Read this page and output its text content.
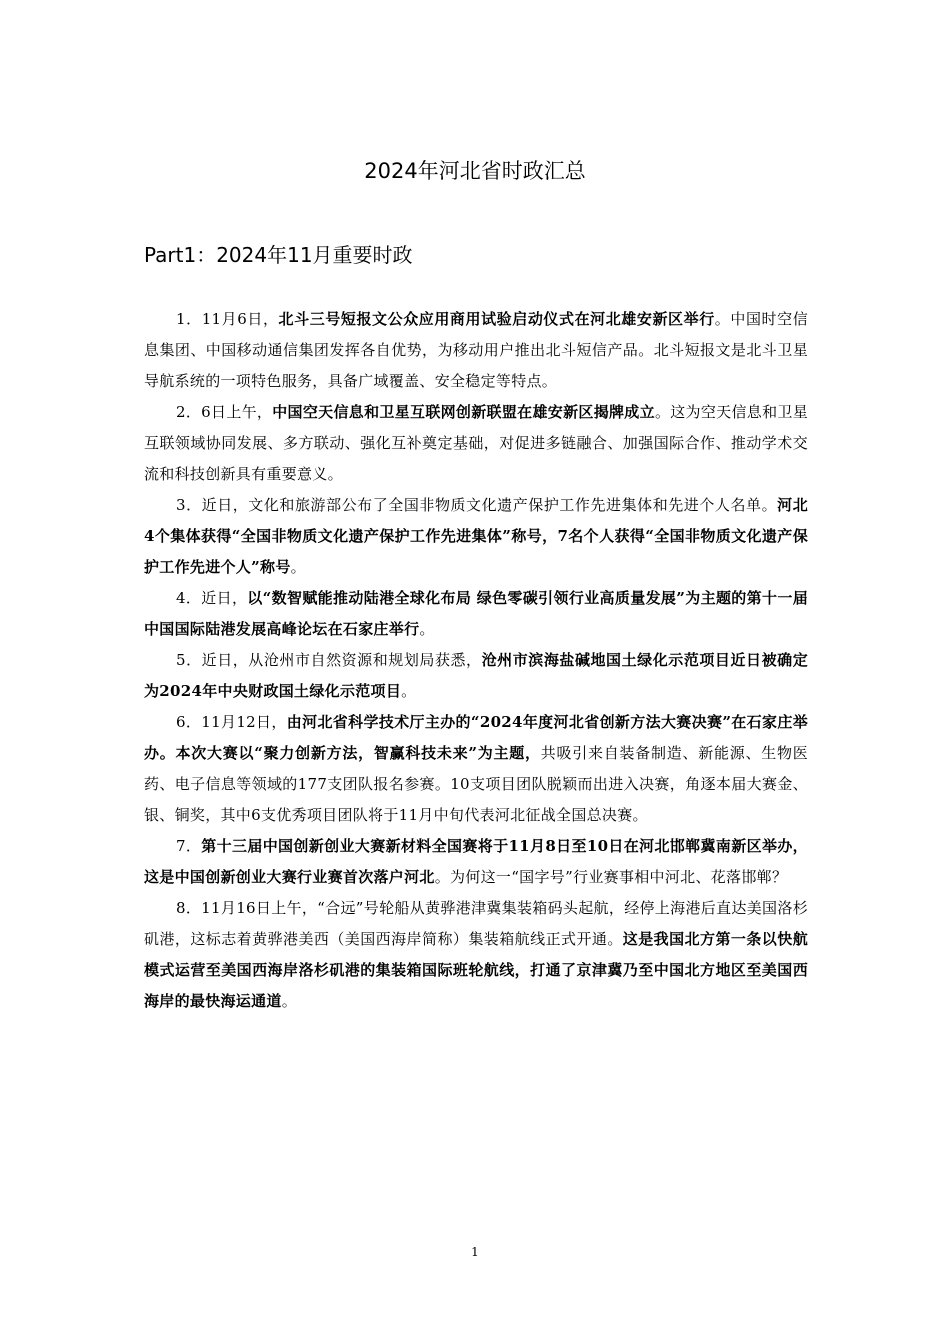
2024年河北省时政汇总
Part1：2024年11月重要时政

1．11月6日，北斗三号短报文公众应用商用试验启动仪式在河北雄安新区举行。中国时空信息集团、中国移动通信集团发挥各自优势，为移动用户推出北斗短信产品。北斗短报文是北斗卫星导航系统的一项特色服务，具备广域覆盖、安全稳定等特点。

2．6日上午，中国空天信息和卫星互联网创新联盟在雄安新区揭牌成立。这为空天信息和卫星互联领域协同发展、多方联动、强化互补奠定基础，对促进多链融合、加强国际合作、推动学术交流和科技创新具有重要意义。

3．近日，文化和旅游部公布了全国非物质文化遗产保护工作先进集体和先进个人名单。河北4个集体获得“全国非物质文化遗产保护工作先进集体”称号，7名个人获得“全国非物质文化遗产保护工作先进个人”称号。

4．近日，以“数智赋能推动陆港全球化布局 绿色零碳引领行业高质量发展”为主题的第十一届中国国际陆港发展高峰论坛在石家庄举行。

5．近日，从沧州市自然资源和规划局获悉，沧州市滨海盐碱地国土绿化示范项目近日被确定为2024年中央财政国土绿化示范项目。

6．11月12日，由河北省科学技术厅主办的“2024年度河北省创新方法大赛决赛”在石家庄举办。本次大赛以“聚力创新方法，智赢科技未来”为主题，共吸引来自装备制造、新能源、生物医药、电子信息等领域的177支团队报名参赛。10支项目团队脱颖而出进入决赛，角逐本届大赛金、银、铜奖，其中6支优秀项目团队将于11月中旬代表河北征战全国总决赛。

7．第十三届中国创新创业大赛新材料全国赛将于11月8日至10日在河北邯郸冀南新区举办，这是中国创新创业大赛行业赛首次落户河北。为何这一“国字号”行业赛事相中河北、花落邯郸？

8．11月16日上午，“合远”号轮船从黄骅港津冀集装箱码头起航，经停上海港后直达美国洛杉矶港，这标志着黄骅港美西（美国西海岸简称）集装箱航线正式开通。这是我国北方第一条以快航模式运营至美国西海岸洛杉矶港的集装箱国际班轮航线，打通了京津冀乃至中国北方地区至美国西海岸的最快海运通道。

1
